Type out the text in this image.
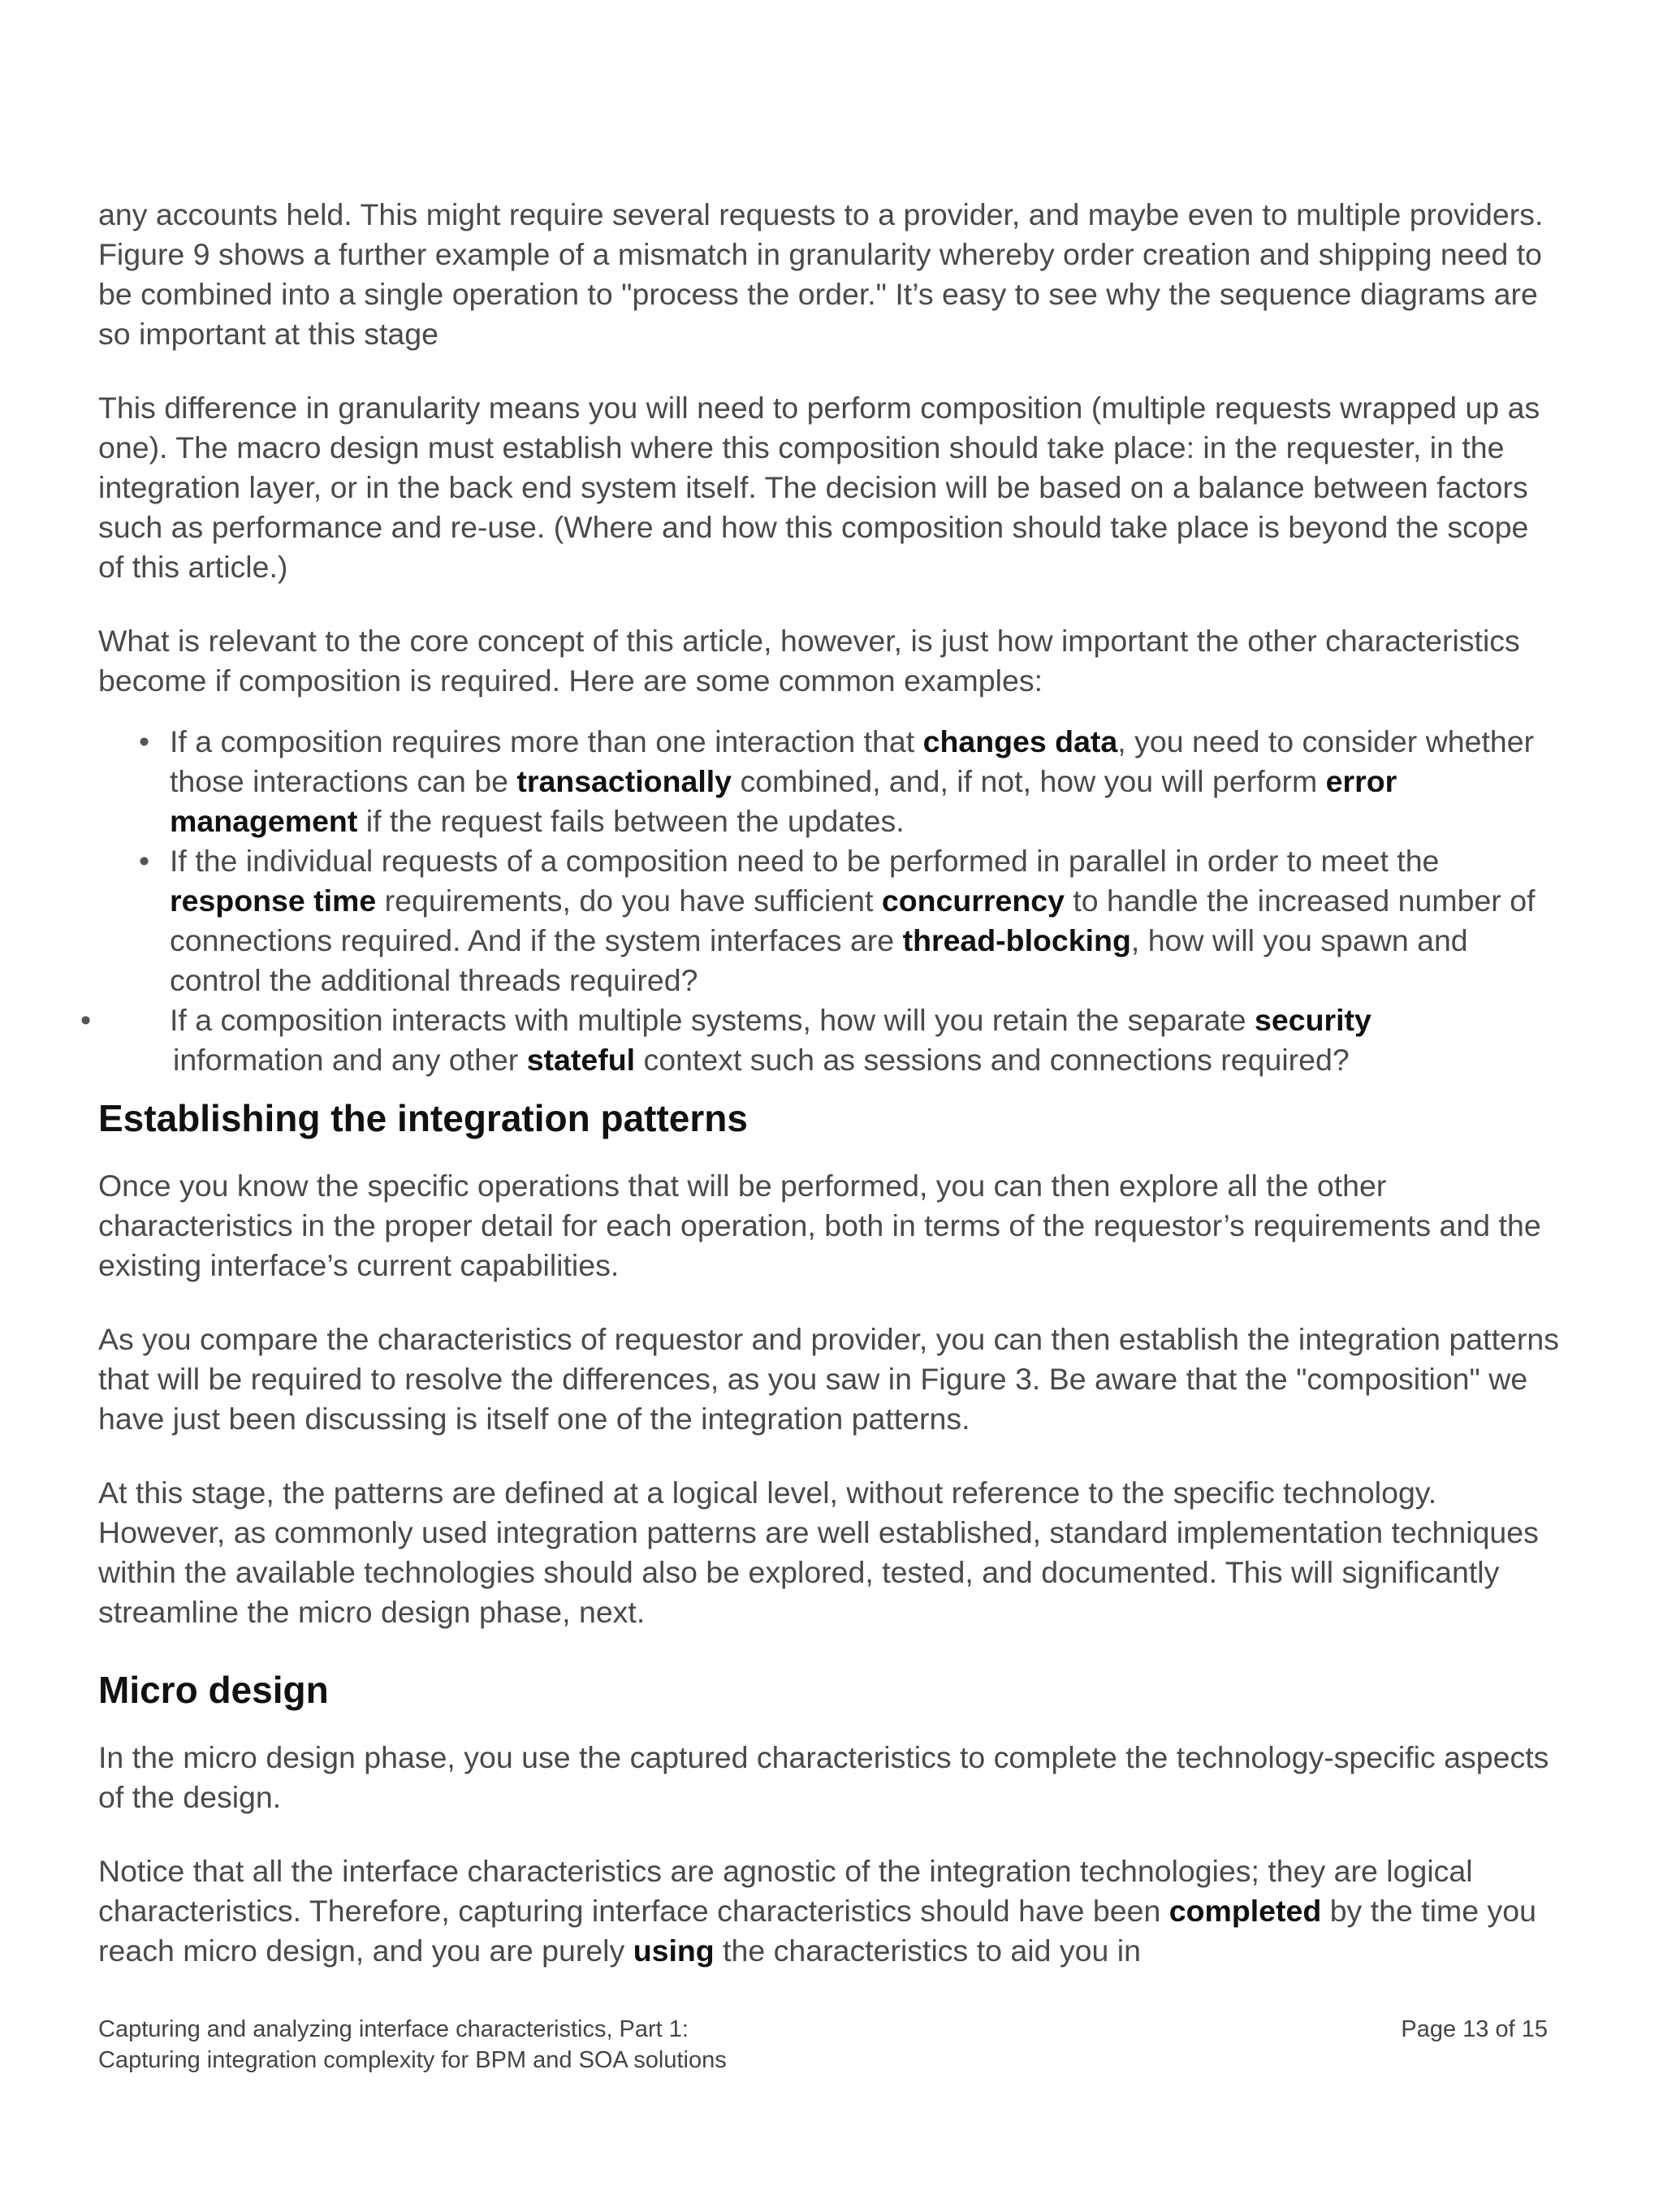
any accounts held. This might require several requests to a provider, and maybe even to multiple providers. Figure 9 shows a further example of a mismatch in granularity whereby order creation and shipping need to be combined into a single operation to "process the order." It’s easy to see why the sequence diagrams are so important at this stage

This difference in granularity means you will need to perform composition (multiple requests wrapped up as one). The macro design must establish where this composition should take place: in the requester, in the integration layer, or in the back end system itself. The decision will be based on a balance between factors such as performance and re-use. (Where and how this composition should take place is beyond the scope of this article.)

What is relevant to the core concept of this article, however, is just how important the other characteristics become if composition is required. Here are some common examples:

• If a composition requires more than one interaction that changes data, you need to consider whether those interactions can be transactionally combined, and, if not, how you will perform error management if the request fails between the updates.
• If the individual requests of a composition need to be performed in parallel in order to meet the response time requirements, do you have sufficient concurrency to handle the increased number of connections required. And if the system interfaces are thread-blocking, how will you spawn and control the additional threads required?
•	If a composition interacts with multiple systems, how will you retain the separate security
information and any other stateful context such as sessions and connections required?
Establishing the integration patterns

Once you know the specific operations that will be performed, you can then explore all the other characteristics in the proper detail for each operation, both in terms of the requestor’s requirements and the existing interface’s current capabilities.

As you compare the characteristics of requestor and provider, you can then establish the integration patterns that will be required to resolve the differences, as you saw in Figure 3. Be aware that the "composition" we have just been discussing is itself one of the integration patterns.

At this stage, the patterns are defined at a logical level, without reference to the specific technology. However, as commonly used integration patterns are well established, standard implementation techniques within the available technologies should also be explored, tested, and documented. This will significantly streamline the micro design phase, next.

Micro design

In the micro design phase, you use the captured characteristics to complete the technology-specific aspects of the design.

Notice that all the interface characteristics are agnostic of the integration technologies; they are logical characteristics. Therefore, capturing interface characteristics should have been completed by the time you reach micro design, and you are purely using the characteristics to aid you in

Capturing and analyzing interface characteristics, Part 1:
Capturing integration complexity for BPM and SOA solutions
Page 13 of 15
